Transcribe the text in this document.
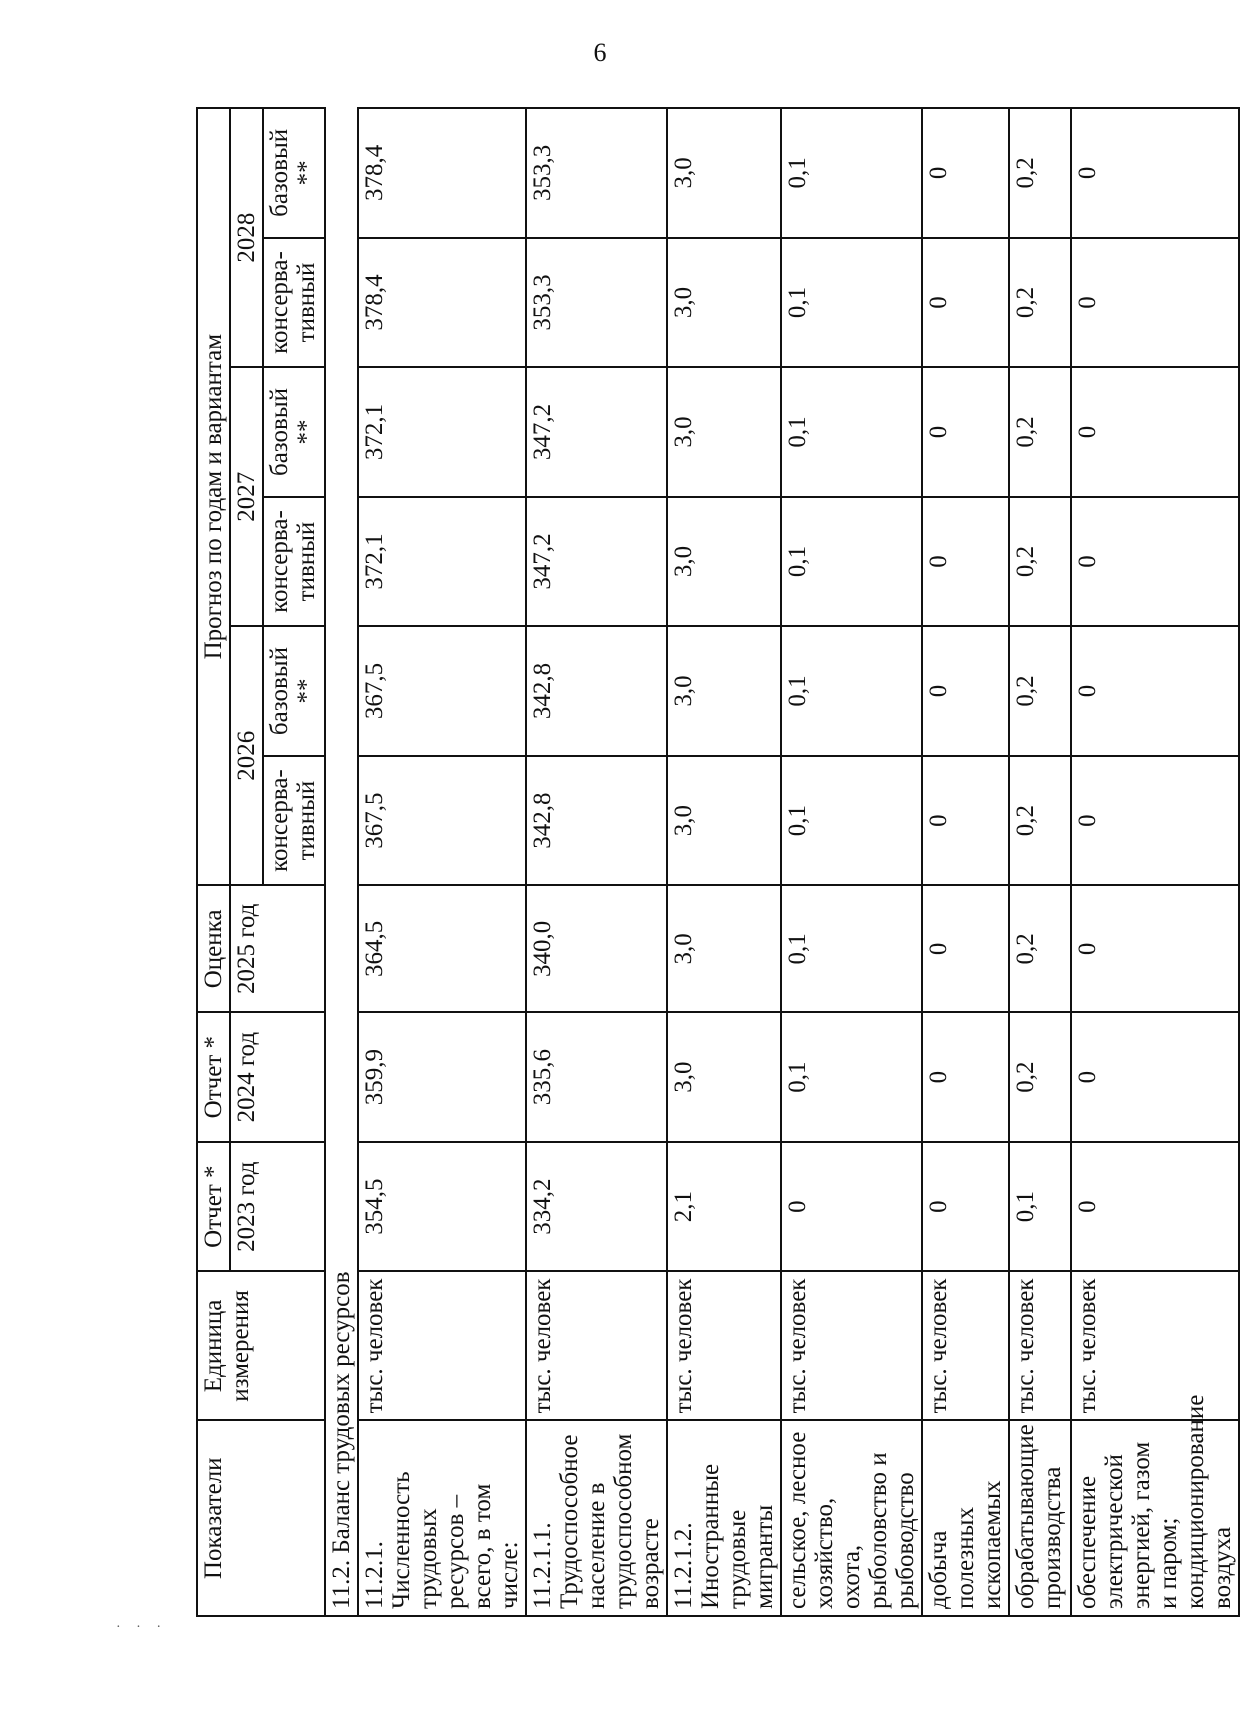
6
· · ·
Показатели	Единица измерения	Отчет *	Отчет *	Оценка	Прогноз по годам и вариантам					
		2023 год	2024 год	2025 год	2026		2027		2028	
					консерва-тивный	базовый **	консерва-тивный	базовый **	консерва-тивный	базовый **
11.2. Баланс трудовых ресурсов										
11.2.1. Численность трудовых ресурсов – всего, в том числе:	тыс. человек	354,5	359,9	364,5	367,5	367,5	372,1	372,1	378,4	378,4
11.2.1.1. Трудоспособное население в трудоспособном возрасте	тыс. человек	334,2	335,6	340,0	342,8	342,8	347,2	347,2	353,3	353,3
11.2.1.2. Иностранные трудовые мигранты	тыс. человек	2,1	3,0	3,0	3,0	3,0	3,0	3,0	3,0	3,0
сельское, лесное хозяйство, охота, рыболовство и рыбоводство	тыс. человек	0	0,1	0,1	0,1	0,1	0,1	0,1	0,1	0,1
добыча полезных ископаемых	тыс. человек	0	0	0	0	0	0	0	0	0
обрабатывающие производства	тыс. человек	0,1	0,2	0,2	0,2	0,2	0,2	0,2	0,2	0,2
обеспечение электрической энергией, газом и паром; кондиционирование воздуха	тыс. человек	0	0	0	0	0	0	0	0	0
